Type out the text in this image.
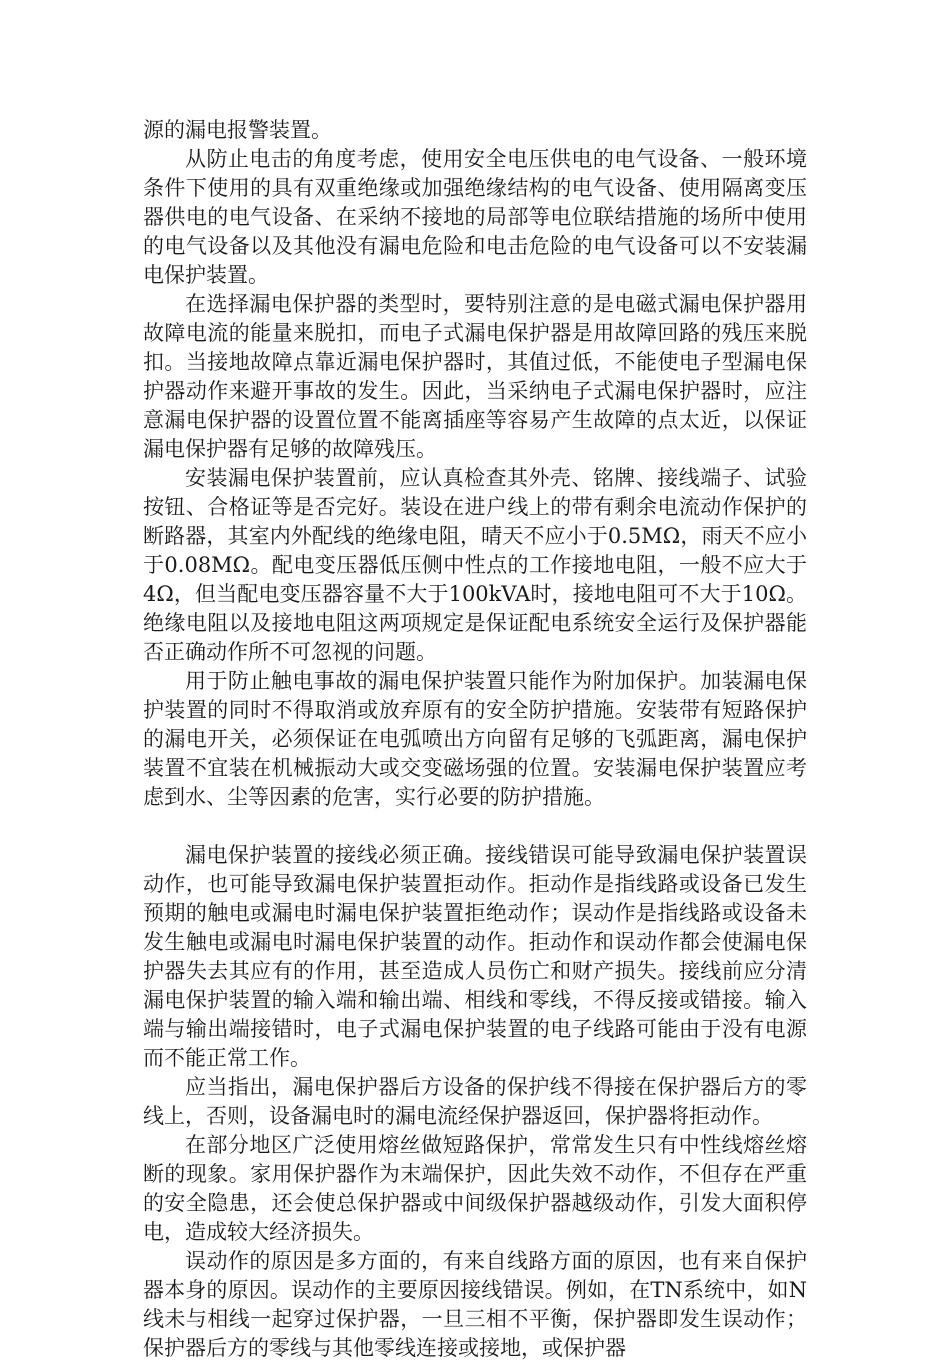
源的漏电报警装置。

从防止电击的角度考虑，使用安全电压供电的电气设备、一般环境条件下使用的具有双重绝缘或加强绝缘结构的电气设备、使用隔离变压器供电的电气设备、在采纳不接地的局部等电位联结措施的场所中使用的电气设备以及其他没有漏电危险和电击危险的电气设备可以不安装漏电保护装置。

在选择漏电保护器的类型时，要特别注意的是电磁式漏电保护器用故障电流的能量来脱扣，而电子式漏电保护器是用故障回路的残压来脱扣。当接地故障点靠近漏电保护器时，其值过低，不能使电子型漏电保护器动作来避开事故的发生。因此，当采纳电子式漏电保护器时，应注意漏电保护器的设置位置不能离插座等容易产生故障的点太近，以保证漏电保护器有足够的故障残压。

安装漏电保护装置前，应认真检查其外壳、铭牌、接线端子、试验按钮、合格证等是否完好。装设在进户线上的带有剩余电流动作保护的断路器，其室内外配线的绝缘电阻，晴天不应小于0.5MΩ，雨天不应小于0.08MΩ。配电变压器低压侧中性点的工作接地电阻，一般不应大于4Ω，但当配电变压器容量不大于100kVA时，接地电阻可不大于10Ω。绝缘电阻以及接地电阻这两项规定是保证配电系统安全运行及保护器能否正确动作所不可忽视的问题。

用于防止触电事故的漏电保护装置只能作为附加保护。加装漏电保护装置的同时不得取消或放弃原有的安全防护措施。安装带有短路保护的漏电开关，必须保证在电弧喷出方向留有足够的飞弧距离，漏电保护装置不宜装在机械振动大或交变磁场强的位置。安装漏电保护装置应考虑到水、尘等因素的危害，实行必要的防护措施。

漏电保护装置的接线必须正确。接线错误可能导致漏电保护装置误动作，也可能导致漏电保护装置拒动作。拒动作是指线路或设备已发生预期的触电或漏电时漏电保护装置拒绝动作；误动作是指线路或设备未发生触电或漏电时漏电保护装置的动作。拒动作和误动作都会使漏电保护器失去其应有的作用，甚至造成人员伤亡和财产损失。接线前应分清漏电保护装置的输入端和输出端、相线和零线，不得反接或错接。输入端与输出端接错时，电子式漏电保护装置的电子线路可能由于没有电源而不能正常工作。

应当指出，漏电保护器后方设备的保护线不得接在保护器后方的零线上，否则，设备漏电时的漏电流经保护器返回，保护器将拒动作。

在部分地区广泛使用熔丝做短路保护，常常发生只有中性线熔丝熔断的现象。家用保护器作为末端保护，因此失效不动作，不但存在严重的安全隐患，还会使总保护器或中间级保护器越级动作，引发大面积停电，造成较大经济损失。

误动作的原因是多方面的，有来自线路方面的原因，也有来自保护器本身的原因。误动作的主要原因接线错误。例如，在TN系统中，如N线未与相线一起穿过保护器，一旦三相不平衡，保护器即发生误动作；保护器后方的零线与其他零线连接或接地，或保护器
